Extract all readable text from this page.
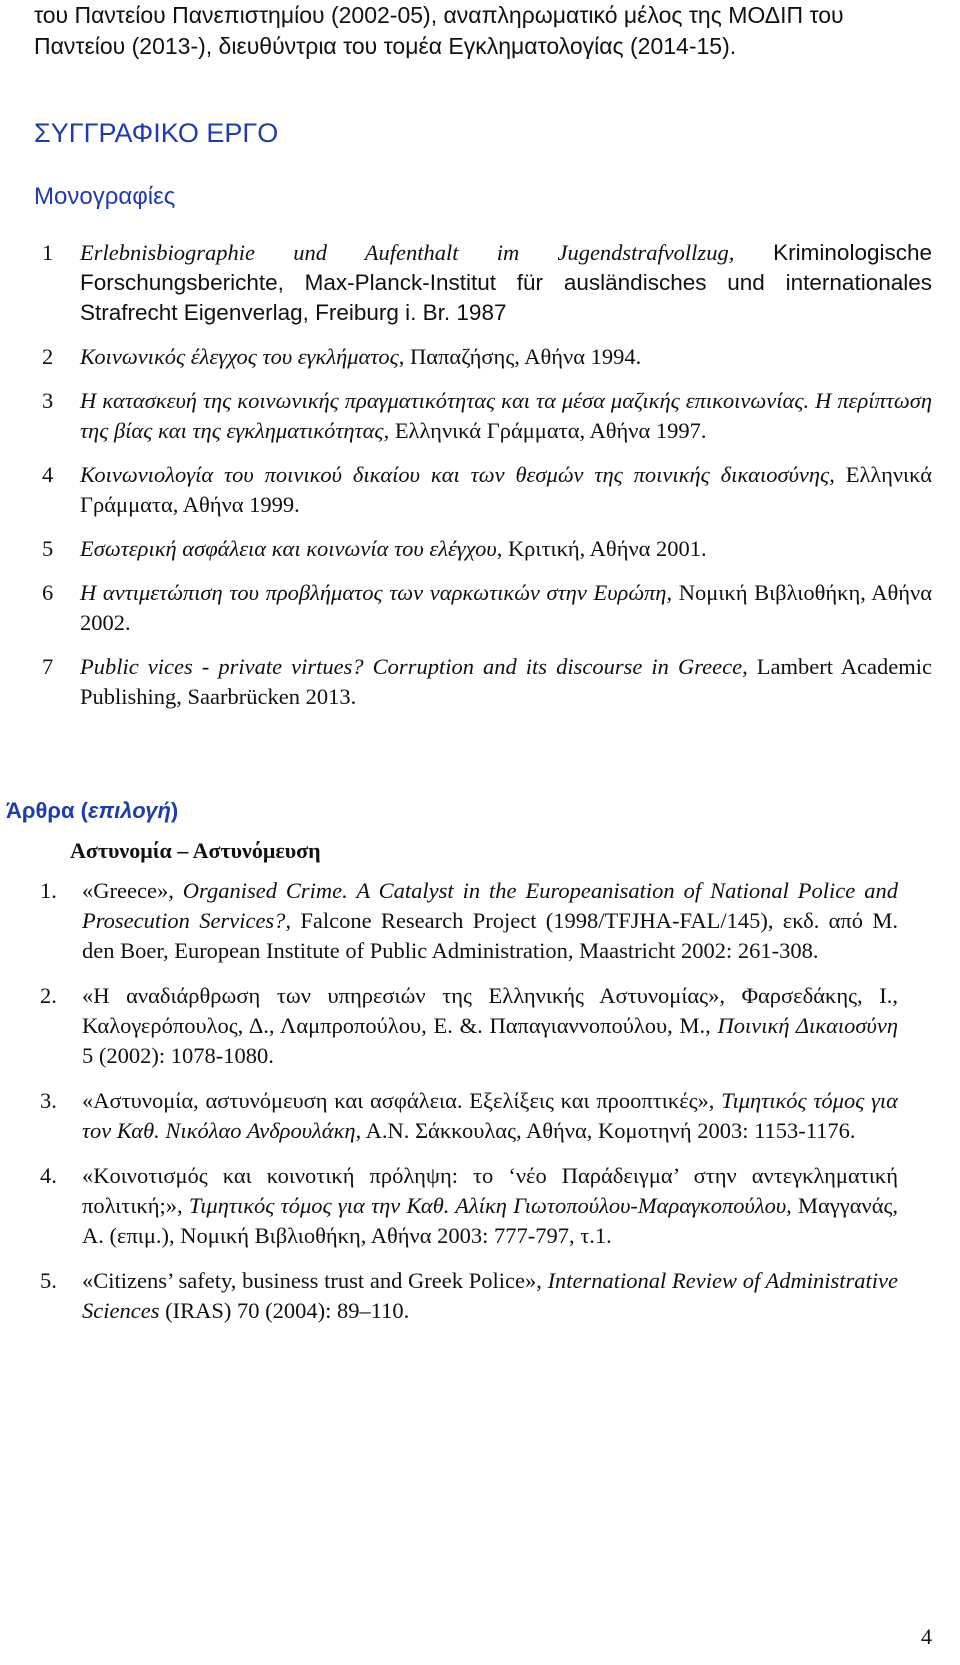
του Παντείου Πανεπιστημίου (2002-05), αναπληρωματικό μέλος της ΜΟΔΙΠ του Παντείου (2013-), διευθύντρια του τομέα Εγκληματολογίας (2014-15).
ΣΥΓΓΡΑΦΙΚΟ ΕΡΓΟ
Μονογραφίες
1 Erlebnisbiographie und Aufenthalt im Jugendstrafvollzug, Kriminologische Forschungsberichte, Max-Planck-Institut für ausländisches und internationales Strafrecht Eigenverlag, Freiburg i. Br. 1987
2 Κοινωνικός έλεγχος του εγκλήματος, Παπαζήσης, Αθήνα 1994.
3 Η κατασκευή της κοινωνικής πραγματικότητας και τα μέσα μαζικής επικοινωνίας. Η περίπτωση της βίας και της εγκληματικότητας, Ελληνικά Γράμματα, Αθήνα 1997.
4 Κοινωνιολογία του ποινικού δικαίου και των θεσμών της ποινικής δικαιοσύνης, Ελληνικά Γράμματα, Αθήνα 1999.
5 Εσωτερική ασφάλεια και κοινωνία του ελέγχου, Κριτική, Αθήνα 2001.
6 Η αντιμετώπιση του προβλήματος των ναρκωτικών στην Ευρώπη, Νομική Βιβλιοθήκη, Αθήνα 2002.
7 Public vices - private virtues? Corruption and its discourse in Greece, Lambert Academic Publishing, Saarbrücken 2013.
Άρθρα (επιλογή)
Αστυνομία – Αστυνόμευση
1. «Greece», Organised Crime. A Catalyst in the Europeanisation of National Police and Prosecution Services?, Falcone Research Project (1998/TFJHA-FAL/145), εκδ. από M. den Boer, European Institute of Public Administration, Maastricht 2002: 261-308.
2. «Η αναδιάρθρωση των υπηρεσιών της Ελληνικής Αστυνομίας», Φαρσεδάκης, Ι., Καλογερόπουλος, Δ., Λαμπροπούλου, Ε. &. Παπαγιαννοπούλου, Μ., Ποινική Δικαιοσύνη 5 (2002): 1078-1080.
3. «Αστυνομία, αστυνόμευση και ασφάλεια. Εξελίξεις και προοπτικές», Τιμητικός τόμος για τον Καθ. Νικόλαο Ανδρουλάκη, Α.Ν. Σάκκουλας, Αθήνα, Κομοτηνή 2003: 1153-1176.
4. «Κοινοτισμός και κοινοτική πρόληψη: το ‘νέο Παράδειγμα’ στην αντεγκληματική πολιτική;», Τιμητικός τόμος για την Καθ. Αλίκη Γιωτοπούλου-Μαραγκοπούλου, Μαγγανάς, Α. (επιμ.), Νομική Βιβλιοθήκη, Αθήνα 2003: 777-797, τ.1.
5. «Citizens’ safety, business trust and Greek Police», International Review of Administrative Sciences (IRAS) 70 (2004): 89–110.
4
